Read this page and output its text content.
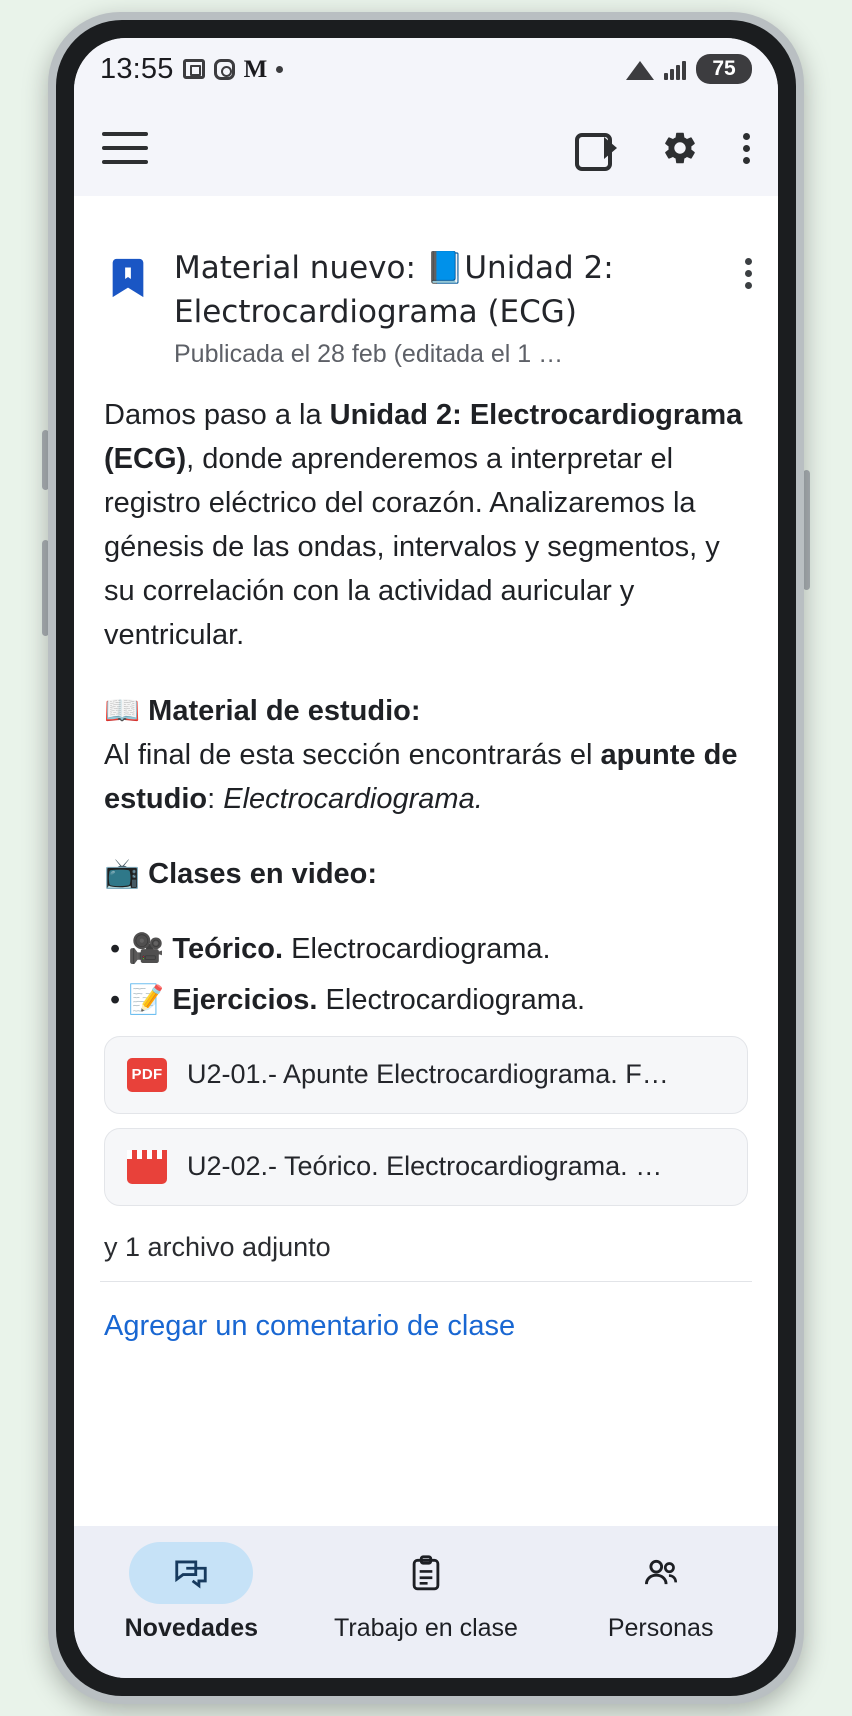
13:55	M	75
Material nuevo: 📘Unidad 2: Electrocardiograma (ECG)
Publicada el 28 feb (editada el 1 …

Damos paso a la Unidad 2: Electrocardiograma (ECG), donde aprenderemos a interpretar el registro eléctrico del corazón. Analizaremos la génesis de las ondas, intervalos y segmentos, y su correlación con la actividad auricular y ventricular.

📖 Material de estudio:
Al final de esta sección encontrarás el apunte de estudio: Electrocardiograma.

📺 Clases en video:

• 🎥 Teórico. Electrocardiograma.
• 📝 Ejercicios. Electrocardiograma.
PDF U2-01.- Apunte Electrocardiograma. F…
U2-02.- Teórico. Electrocardiograma. …
y 1 archivo adjunto
Agregar un comentario de clase
Novedades	Trabajo en clase	Personas
